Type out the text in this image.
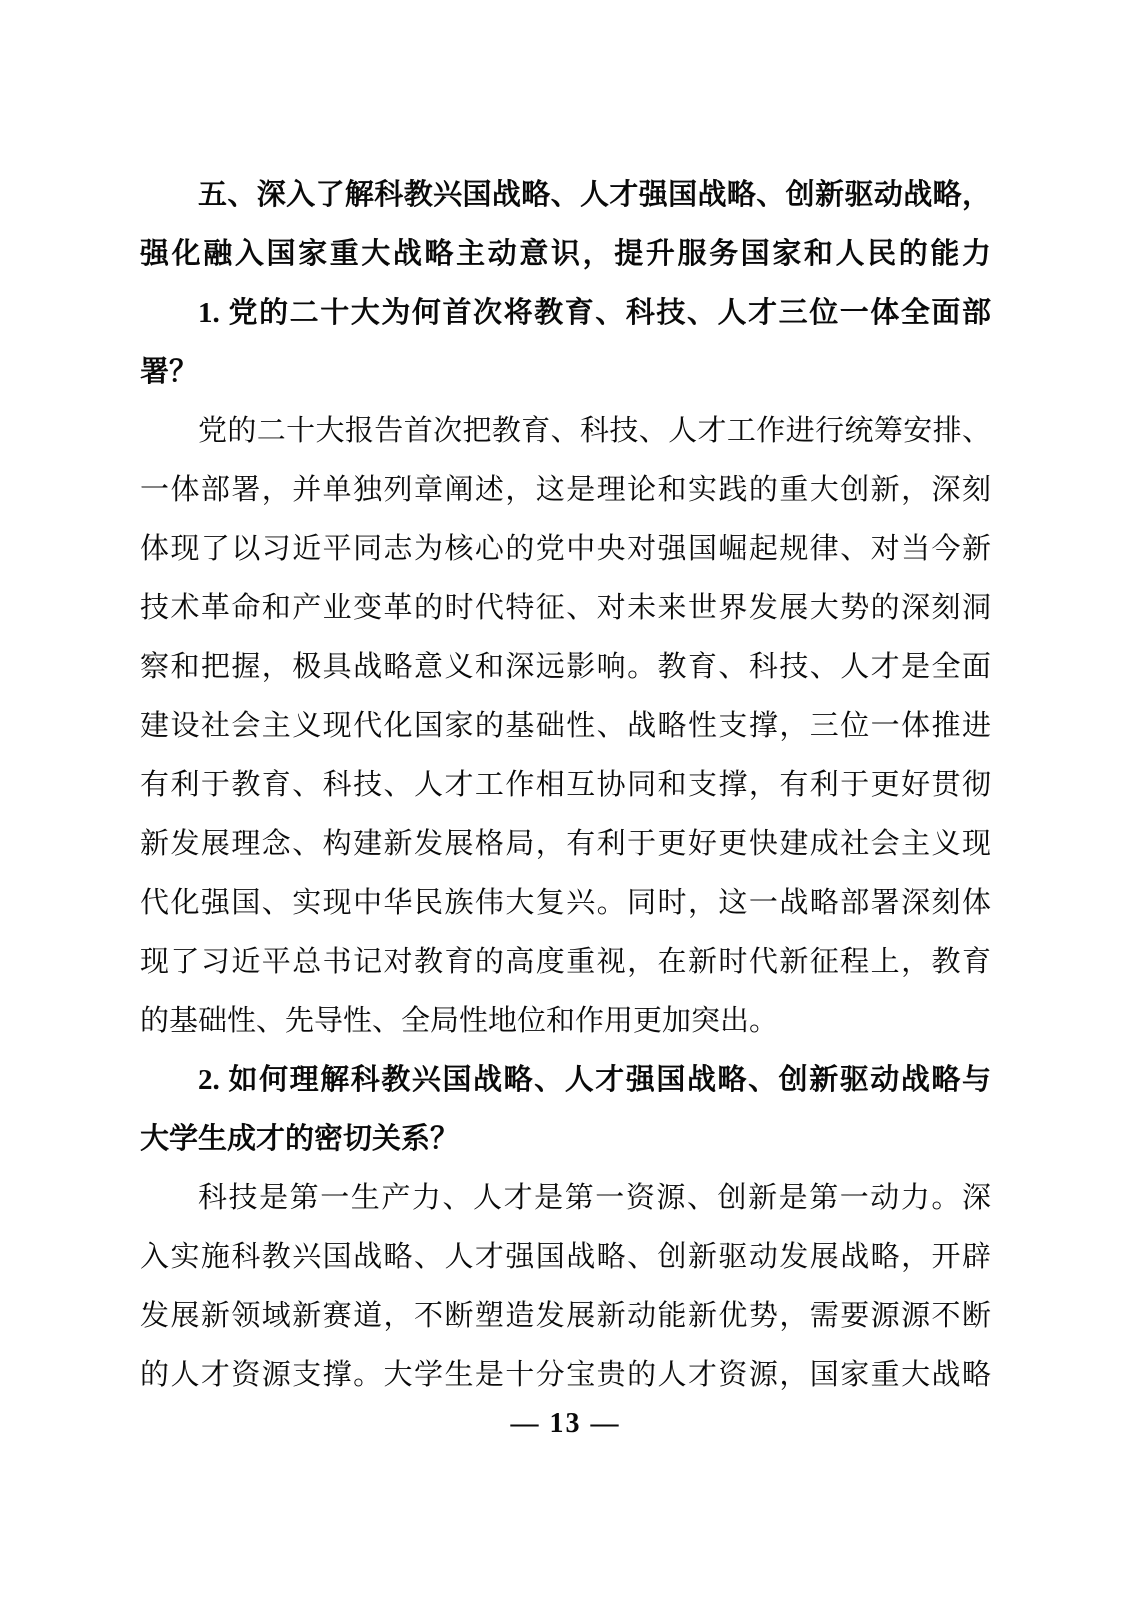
五、深入了解科教兴国战略、人才强国战略、创新驱动战略，
强化融入国家重大战略主动意识，提升服务国家和人民的能力
1. 党的二十大为何首次将教育、科技、人才三位一体全面部
署？
党的二十大报告首次把教育、科技、人才工作进行统筹安排、
一体部署，并单独列章阐述，这是理论和实践的重大创新，深刻
体现了以习近平同志为核心的党中央对强国崛起规律、对当今新
技术革命和产业变革的时代特征、对未来世界发展大势的深刻洞
察和把握，极具战略意义和深远影响。教育、科技、人才是全面
建设社会主义现代化国家的基础性、战略性支撑，三位一体推进
有利于教育、科技、人才工作相互协同和支撑，有利于更好贯彻
新发展理念、构建新发展格局，有利于更好更快建成社会主义现
代化强国、实现中华民族伟大复兴。同时，这一战略部署深刻体
现了习近平总书记对教育的高度重视，在新时代新征程上，教育
的基础性、先导性、全局性地位和作用更加突出。
2. 如何理解科教兴国战略、人才强国战略、创新驱动战略与
大学生成才的密切关系？
科技是第一生产力、人才是第一资源、创新是第一动力。深
入实施科教兴国战略、人才强国战略、创新驱动发展战略，开辟
发展新领域新赛道，不断塑造发展新动能新优势，需要源源不断
的人才资源支撑。大学生是十分宝贵的人才资源，国家重大战略
— 13 —
